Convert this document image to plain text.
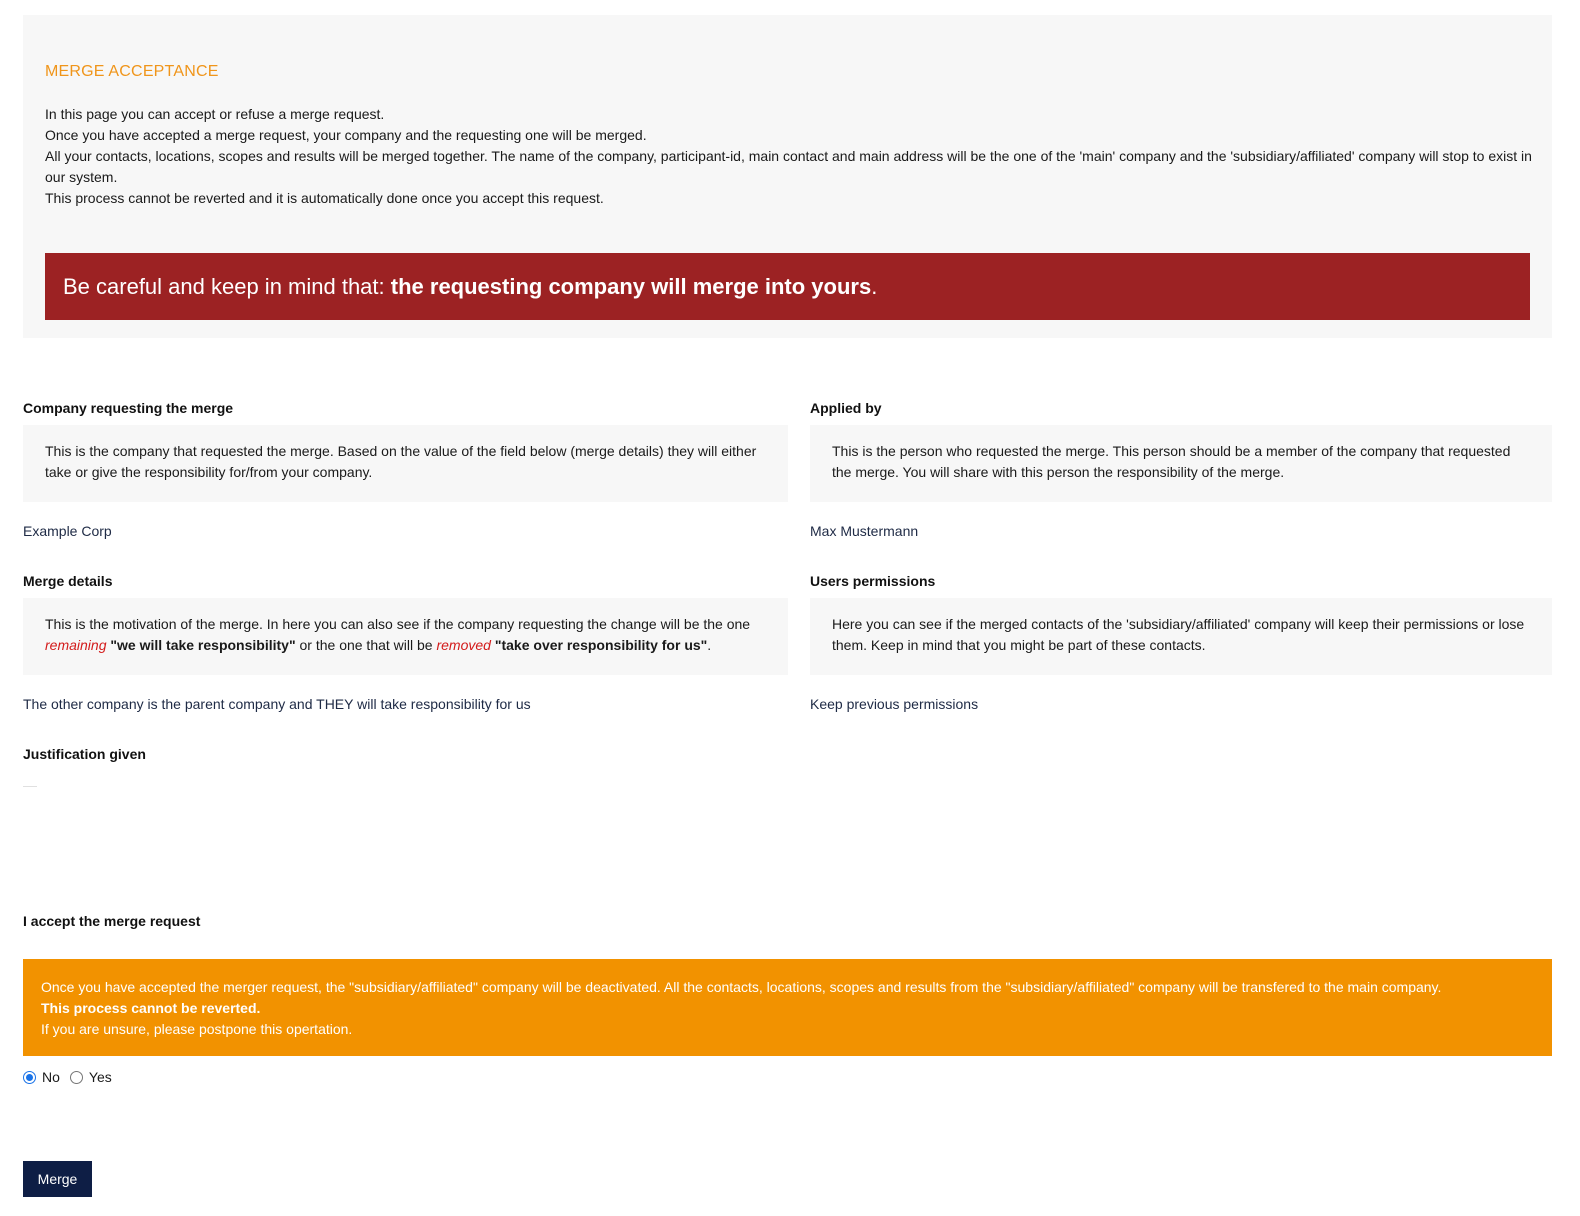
MERGE ACCEPTANCE

In this page you can accept or refuse a merge request.

Once you have accepted a merge request, your company and the requesting one will be merged.

All your contacts, locations, scopes and results will be merged together. The name of the company, participant-id, main contact and main address will be the one of the 'main' company and the 'subsidiary/affiliated' company will stop to exist in our system.

This process cannot be reverted and it is automatically done once you accept this request.

Be careful and keep in mind that: the requesting company will merge into yours .
Company requesting the merge
This is the company that requested the merge. Based on the value of the field below (merge details) they will either take or give the responsibility for/from your company.
Example Corp
Applied by
This is the person who requested the merge. This person should be a member of the company that requested the merge. You will share with this person the responsibility of the merge.
Max Mustermann
Merge details
This is the motivation of the merge. In here you can also see if the company requesting the change will be the one remaining "we will take responsibility" or the one that will be removed "take over responsibility for us".
The other company is the parent company and THEY will take responsibility for us
Users permissions
Here you can see if the merged contacts of the 'subsidiary/affiliated' company will keep their permissions or lose them. Keep in mind that you might be part of these contacts.
Keep previous permissions
Justification given
I accept the merge request

Once you have accepted the merger request, the "subsidiary/affiliated" company will be deactivated. All the contacts, locations, scopes and results from the "subsidiary/affiliated" company will be transfered to the main company.

This process cannot be reverted.

If you are unsure, please postpone this opertation.

No Yes
Merge
